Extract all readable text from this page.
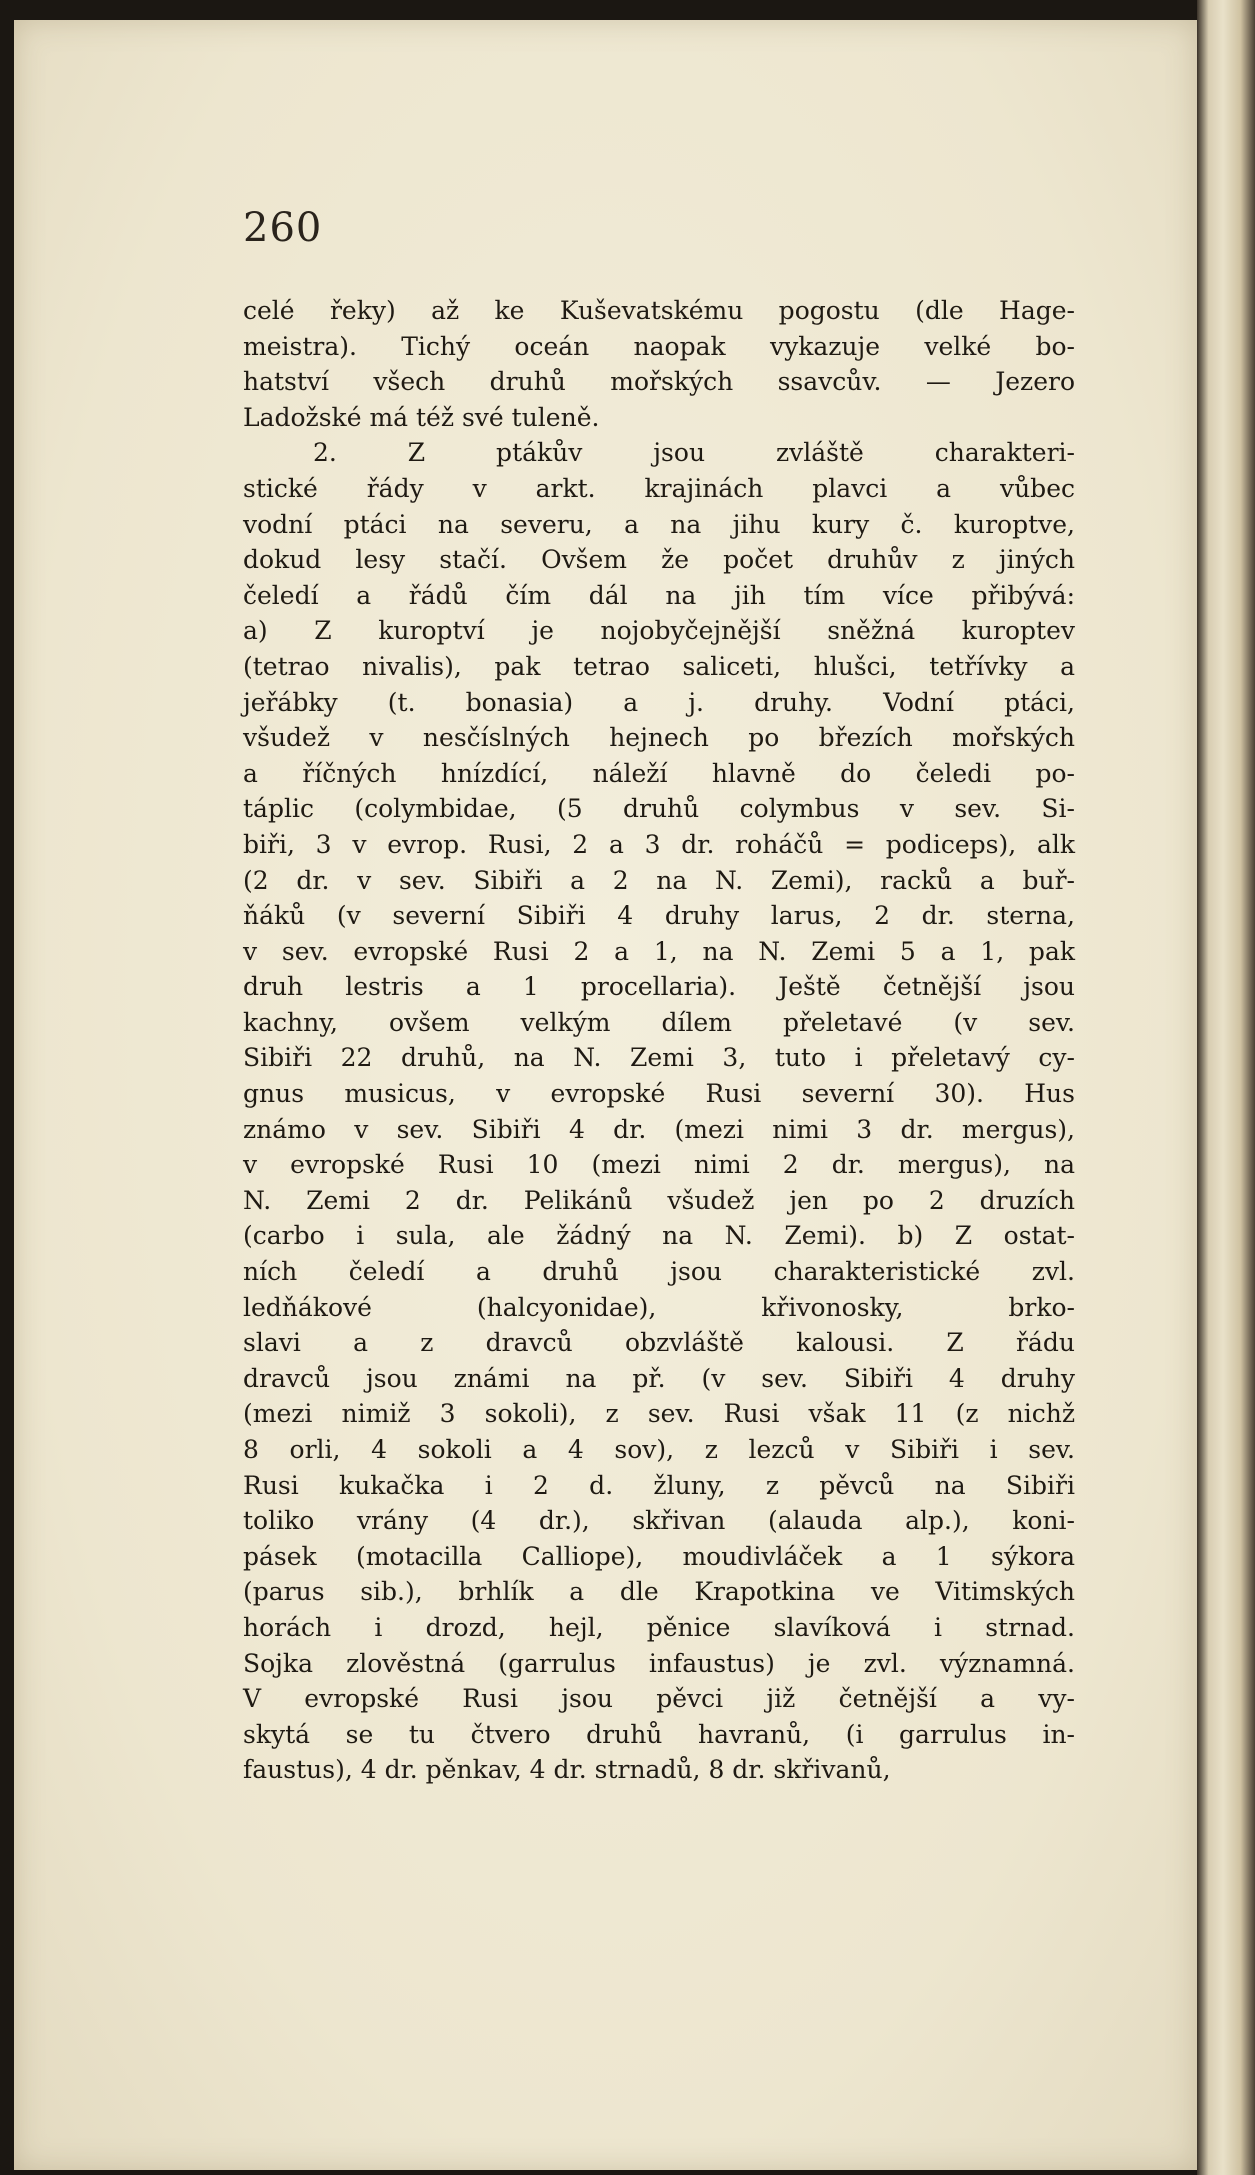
260
celé řeky) až ke Kuševatskému pogostu (dle Hage-
meistra). Tichý oceán naopak vykazuje velké bo-
hatství všech druhů mořských ssavcův. — Jezero
Ladožské má též své tuleně.
2. Z ptákův jsou zvláště charakteri-
stické řády v arkt. krajinách plavci a vůbec
vodní ptáci na severu, a na jihu kury č. kuroptve,
dokud lesy stačí. Ovšem že počet druhův z jiných
čeledí a řádů čím dál na jih tím více přibývá:
a) Z kuroptví je nojobyčejnější sněžná kuroptev
(tetrao nivalis), pak tetrao saliceti, hlušci, tetřívky a
jeřábky (t. bonasia) a j. druhy. Vodní ptáci,
všudež v nesčíslných hejnech po březích mořských
a říčných hnízdící, náleží hlavně do čeledi po-
tápliс (colymbidae, (5 druhů colymbus v sev. Si-
biři, 3 v evrop. Rusi, 2 a 3 dr. roháčů = podiceps), alk
(2 dr. v sev. Sibiři a 2 na N. Zemi), racků a buř-
ňáků (v severní Sibiři 4 druhy larus, 2 dr. sterna,
v sev. evropské Rusi 2 a 1, na N. Zemi 5 a 1, pak
druh lestris a 1 procellaria). Ještě četnější jsou
kachny, ovšem velkým dílem přeletavé (v sev.
Sibiři 22 druhů, na N. Zemi 3, tuto i přeletavý cy-
gnus musicus, v evropské Rusi severní 30). Hus
známo v sev. Sibiři 4 dr. (mezi nimi 3 dr. mergus),
v evropské Rusi 10 (mezi nimi 2 dr. mergus), na
N. Zemi 2 dr. Pelikánů všudež jen po 2 druzích
(carbo i sula, ale žádný na N. Zemi). b) Z ostat-
ních čeledí a druhů jsou charakteristické zvl.
ledňákové (halcyonidae), křivonosky, brko-
slavi a z dravců obzvláště kalousi. Z řádu
dravců jsou známi na př. (v sev. Sibiři 4 druhy
(mezi nimiž 3 sokoli), z sev. Rusi však 11 (z nichž
8 orli, 4 sokoli a 4 sov), z lezců v Sibiři i sev.
Rusi kukačka i 2 d. žluny, z pěvců na Sibiři
toliko vrány (4 dr.), skřivan (alauda alp.), koni-
pásek (motacilla Calliope), moudivláček a 1 sýkora
(parus sib.), brhlík a dle Krapotkina ve Vitimských
horách i drozd, hejl, pěnice slavíková i strnad.
Sojka zlověstná (garrulus infaustus) je zvl. významná.
V evropské Rusi jsou pěvci již četnější a vy-
skytá se tu čtvero druhů havranů, (i garrulus in-
faustus), 4 dr. pěnkav, 4 dr. strnadů, 8 dr. skřivanů,
